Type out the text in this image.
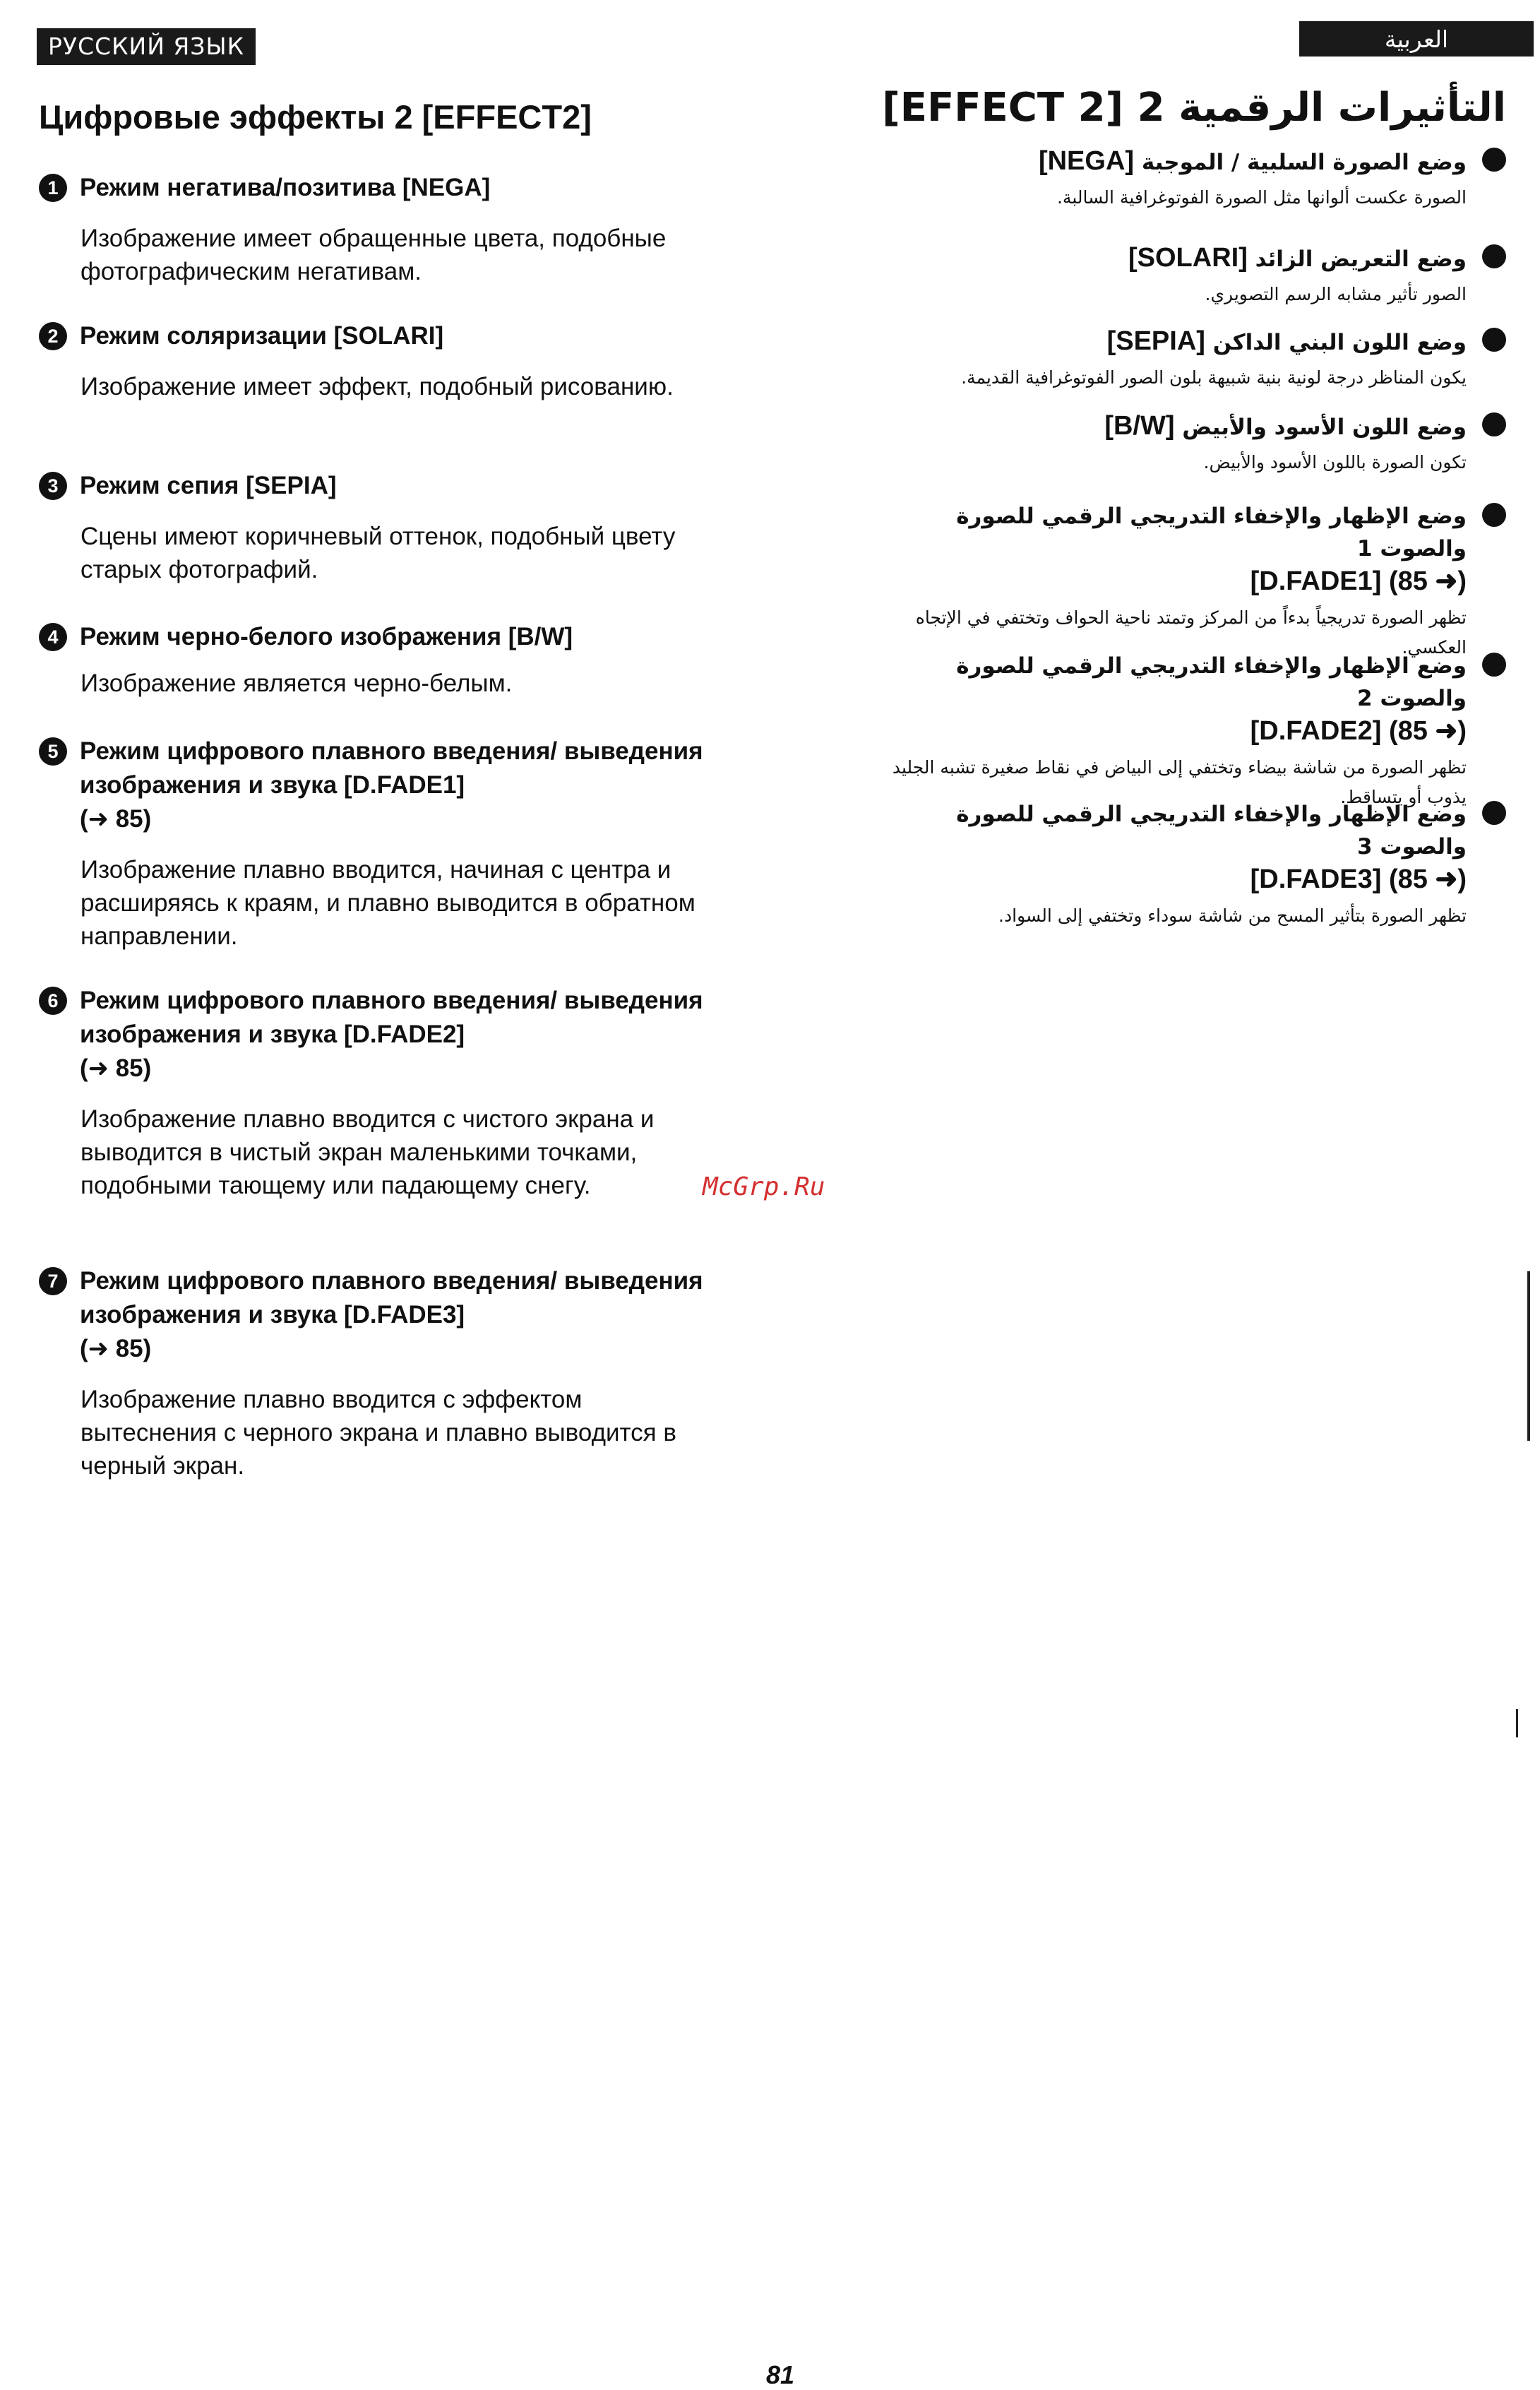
РУССКИЙ ЯЗЫК	العربية
Цифровые эффекты 2 [EFFECT2]	التأثيرات الرقمية 2 [EFFECT 2]
1 Режим негатива/позитива [NEGA]
Изображение имеет обращенные цвета, подобные фотографическим негативам.
2 Режим соляризации [SOLARI]
Изображение имеет эффект, подобный рисованию.
3 Режим сепия [SEPIA]
Сцены имеют коричневый оттенок, подобный цвету старых фотографий.
4 Режим черно-белого изображения [B/W]
Изображение является черно-белым.
5 Режим цифрового плавного введения/ выведения изображения и звука [D.FADE1]
(➜ 85)
Изображение плавно вводится, начиная с центра и расширяясь к краям, и плавно выводится в обратном направлении.
6 Режим цифрового плавного введения/ выведения изображения и звука [D.FADE2]
(➜ 85)
Изображение плавно вводится с чистого экрана и выводится в чистый экран маленькими точками, подобными тающему или падающему снегу.
7 Режим цифрового плавного введения/ выведения изображения и звука [D.FADE3]
(➜ 85)
Изображение плавно вводится с эффектом вытеснения с черного экрана и плавно выводится в черный экран.
وضع الصورة السلبية / الموجبة [NEGA]
الصورة عكست ألوانها مثل الصورة الفوتوغرافية السالبة.
وضع التعريض الزائد [SOLARI]
الصور تأثير مشابه الرسم التصويري.
وضع اللون البني الداكن [SEPIA]
يكون المناظر درجة لونية بنية شبيهة بلون الصور الفوتوغرافية القديمة.
وضع اللون الأسود والأبيض [B/W]
تكون الصورة باللون الأسود والأبيض.
وضع الإظهار والإخفاء التدريجي الرقمي للصورة والصوت 1
(➜ 85) [D.FADE1]
تظهر الصورة تدريجياً بدءاً من المركز وتمتد ناحية الحواف وتختفي في الإتجاه العكسي.
وضع الإظهار والإخفاء التدريجي الرقمي للصورة والصوت 2
(➜ 85) [D.FADE2]
تظهر الصورة من شاشة بيضاء وتختفي إلى البياض في نقاط صغيرة تشبه الجليد يذوب أو يتساقط.
وضع الإظهار والإخفاء التدريجي الرقمي للصورة والصوت 3
(➜ 85) [D.FADE3]
تظهر الصورة بتأثير المسح من شاشة سوداء وتختفي إلى السواد.
McGrp.Ru
81
